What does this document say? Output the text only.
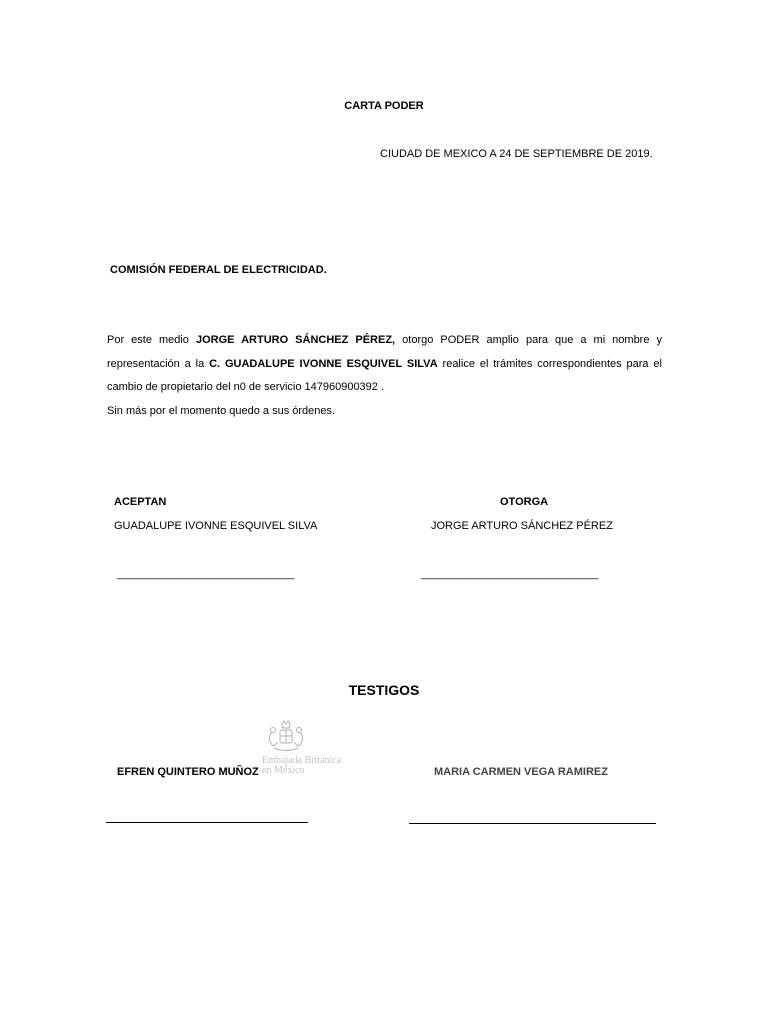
CARTA PODER
CIUDAD DE MEXICO A 24 DE SEPTIEMBRE DE 2019.
COMISIÓN FEDERAL DE ELECTRICIDAD.
Por este medio JORGE ARTURO SÁNCHEZ PÉREZ, otorgo PODER amplio para que a mi nombre y representación a la C. GUADALUPE IVONNE ESQUIVEL SILVA realice el trámites correspondientes para el cambio de propietario del n0 de servicio 147960900392 .
Sin más por el momento quedo a sus órdenes.
ACEPTAN	OTORGA
GUADALUPE IVONNE ESQUIVEL SILVA	JORGE ARTURO SÁNCHEZ PÉREZ
_____________________________	_____________________________
TESTIGOS
Embajada Británica
en México
EFREN QUINTERO MUÑOZ	MARIA CARMEN VEGA RAMIREZ
